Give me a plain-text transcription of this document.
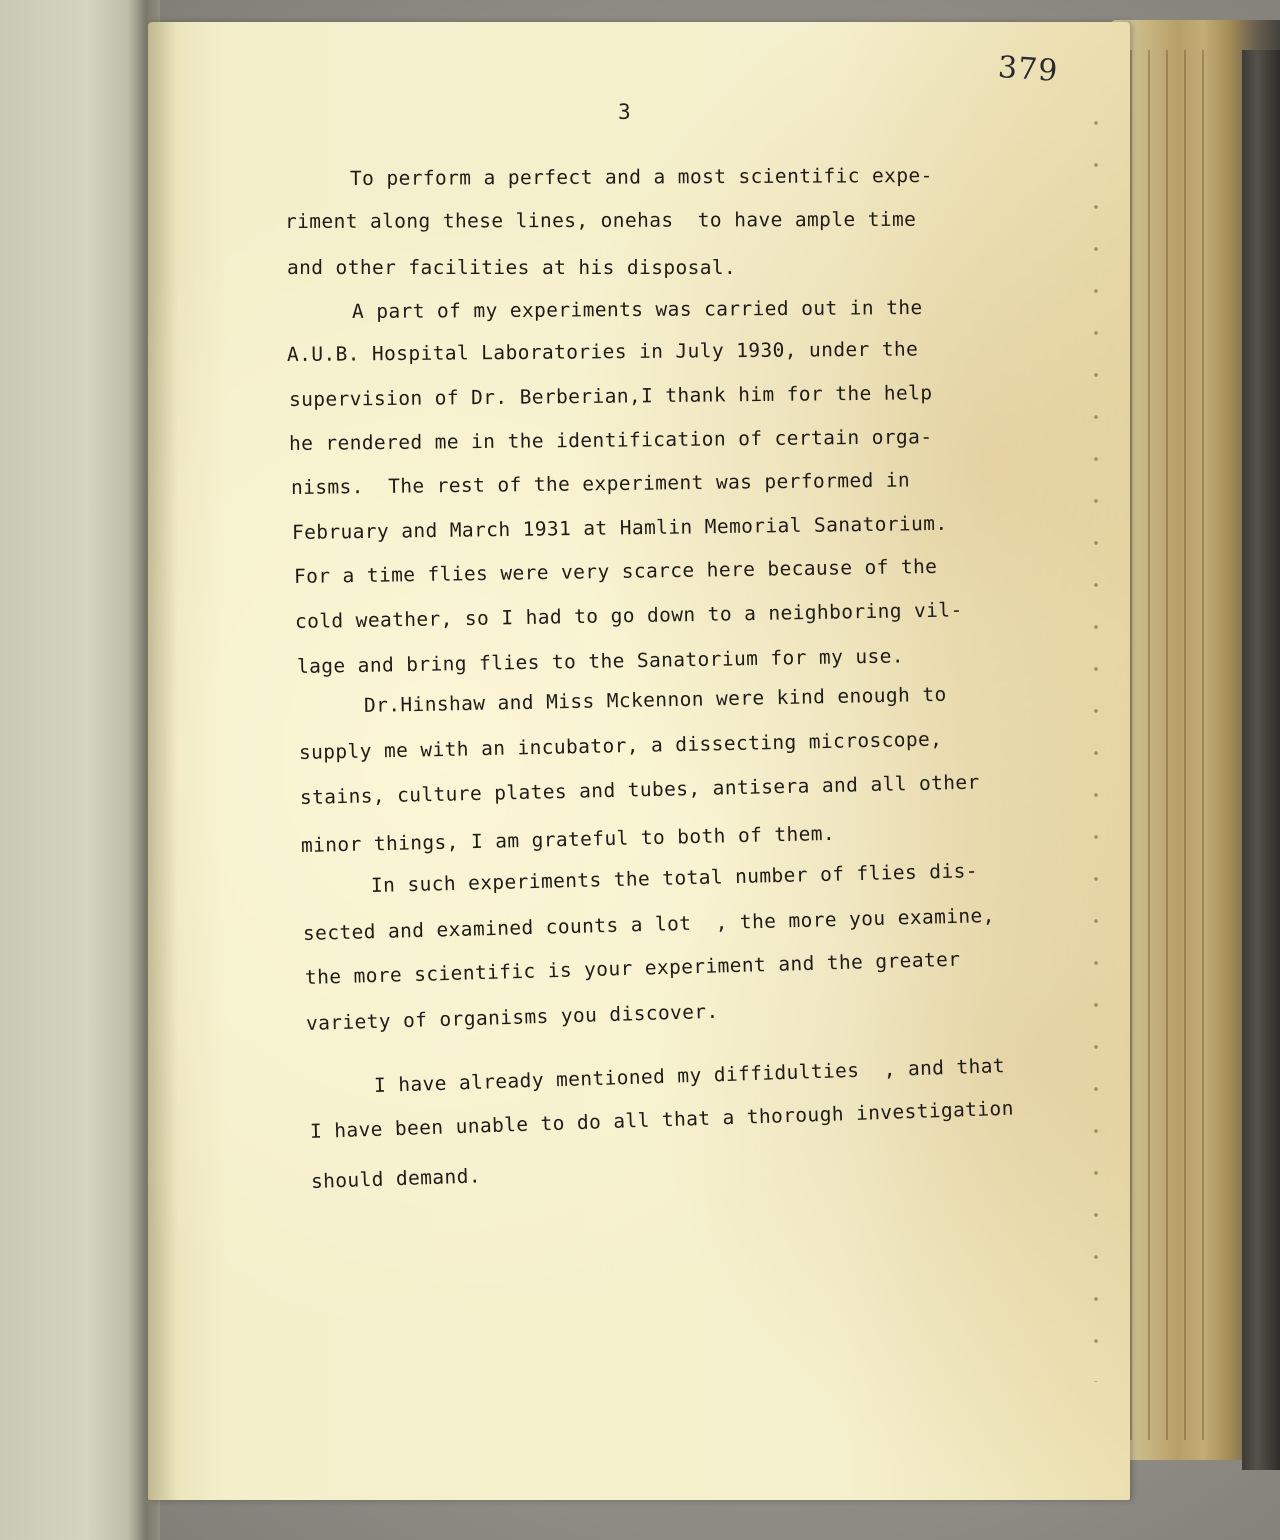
379
3
To perform a perfect and a most scientific expe-
riment along these lines, onehas  to have ample time
and other facilities at his disposal.
A part of my experiments was carried out in the
A.U.B. Hospital Laboratories in July 1930, under the
supervision of Dr. Berberian,I thank him for the help
he rendered me in the identification of certain orga-
nisms.  The rest of the experiment was performed in
February and March 1931 at Hamlin Memorial Sanatorium.
For a time flies were very scarce here because of the
cold weather, so I had to go down to a neighboring vil-
lage and bring flies to the Sanatorium for my use.
Dr.Hinshaw and Miss Mckennon were kind enough to
supply me with an incubator, a dissecting microscope,
stains, culture plates and tubes, antisera and all other
minor things, I am grateful to both of them.
In such experiments the total number of flies dis-
sected and examined counts a lot  , the more you examine,
the more scientific is your experiment and the greater
variety of organisms you discover.
I have already mentioned my diffidulties  , and that
I have been unable to do all that a thorough investigation
should demand.
